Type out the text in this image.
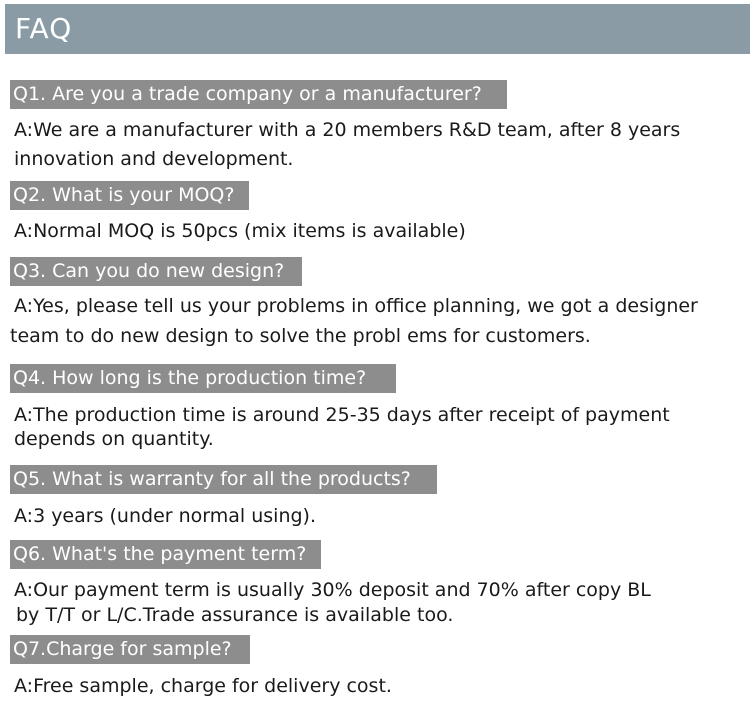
FAQ
Q1. Are you a trade company or a manufacturer?
A:We are a manufacturer with a 20 members R&D team, after 8 years
innovation and development.
Q2. What is your MOQ?
A:Normal MOQ is 50pcs (mix items is available)
Q3. Can you do new design?
A:Yes, please tell us your problems in office planning, we got a designer
team to do new design to solve the probl ems for customers.
Q4. How long is the production time?
A:The production time is around 25-35 days after receipt of payment
depends on quantity.
Q5. What is warranty for all the products?
A:3 years (under normal using).
Q6. What's the payment term?
A:Our payment term is usually 30% deposit and 70% after copy BL
by T/T or L/C.Trade assurance is available too.
Q7.Charge for sample?
A:Free sample, charge for delivery cost.
